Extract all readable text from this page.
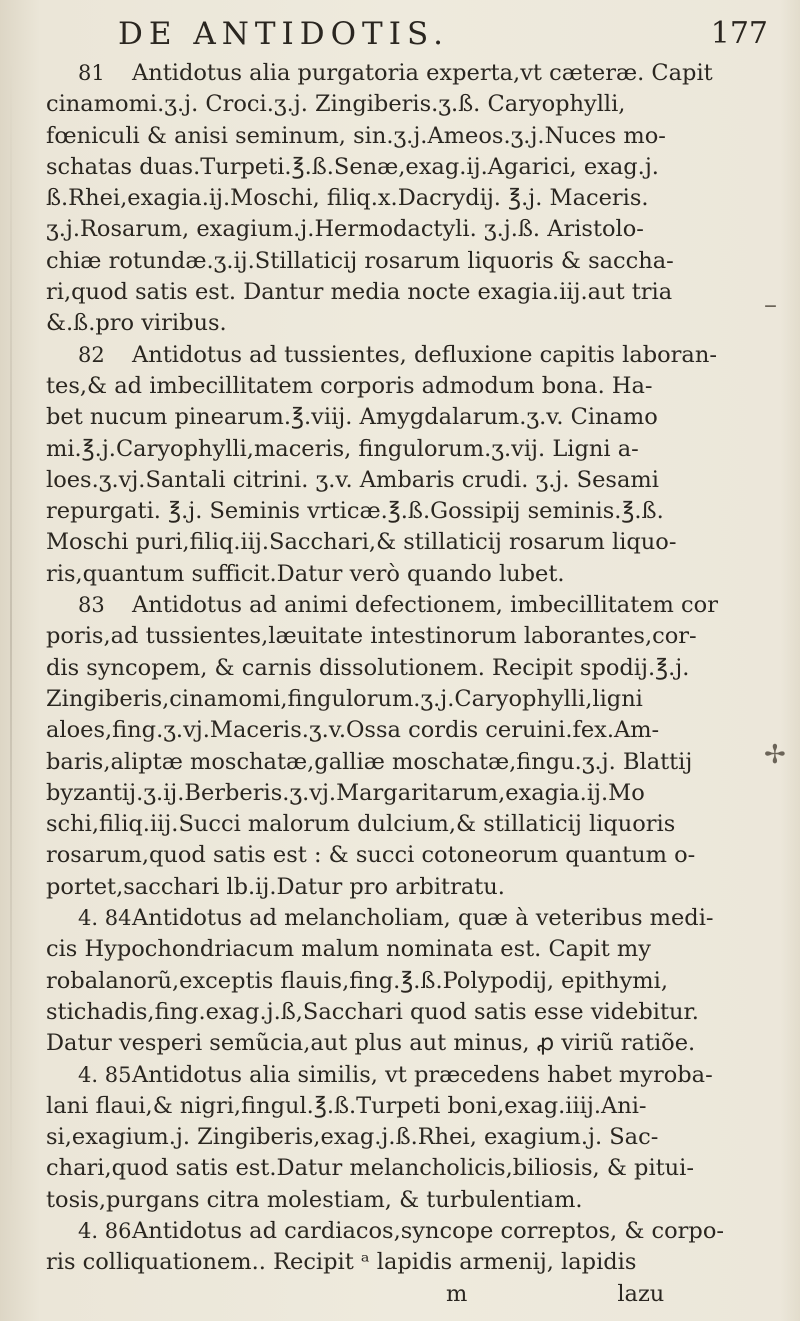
DE ANTIDOTIS.	177
81 Antidotus alia purgatoria experta,vt cæteræ. Capit
cinamomi.ʒ.j. Croci.ʒ.j. Zingiberis.ʒ.ß. Caryophylli,
fœniculi & anisi seminum, sin.ʒ.j.Ameos.ʒ.j.Nuces mo-
schatas duas.Turpeti.℥.ß.Senæ,exag.ij.Agarici, exag.j.
ß.Rhei,exagia.ij.Moschi, filiq.x.Dacrydij. ℥.j. Maceris.
ʒ.j.Rosarum, exagium.j.Hermodactyli. ʒ.j.ß. Aristolo-
chiæ rotundæ.ʒ.ij.Stillaticij rosarum liquoris & saccha-
ri,quod satis est. Dantur media nocte exagia.iij.aut tria
&.ß.pro viribus.
82 Antidotus ad tussientes, defluxione capitis laboran-
tes,& ad imbecillitatem corporis admodum bona. Ha-
bet nucum pinearum.℥.viij. Amygdalarum.ʒ.v. Cinamo
mi.℥.j.Caryophylli,maceris, fingulorum.ʒ.vij. Ligni a-
loes.ʒ.vj.Santali citrini. ʒ.v. Ambaris crudi. ʒ.j. Sesami
repurgati. ℥.j. Seminis vrticæ.℥.ß.Gossipij seminis.℥.ß.
Moschi puri,filiq.iij.Sacchari,& stillaticij rosarum liquo-
ris,quantum sufficit.Datur verò quando lubet.
83 Antidotus ad animi defectionem, imbecillitatem cor
poris,ad tussientes,læuitate intestinorum laborantes,cor-
dis syncopem, & carnis dissolutionem. Recipit spodij.℥.j.
Zingiberis,cinamomi,fingulorum.ʒ.j.Caryophylli,ligni
aloes,fing.ʒ.vj.Maceris.ʒ.v.Ossa cordis ceruini.fex.Am-
baris,aliptæ moschatæ,galliæ moschatæ,fingu.ʒ.j. Blattij
byzantij.ʒ.ij.Berberis.ʒ.vj.Margaritarum,exagia.ij.Mo
schi,filiq.iij.Succi malorum dulcium,& stillaticij liquoris
rosarum,quod satis est : & succi cotoneorum quantum o-
portet,sacchari lb.ij.Datur pro arbitratu.
4. 84Antidotus ad melancholiam, quæ à veteribus medi-
cis Hypochondriacum malum nominata est. Capit my
robalanorũ,exceptis flauis,fing.℥.ß.Polypodij, epithymi,
stichadis,fing.exag.j.ß,Sacchari quod satis esse videbitur.
Datur vesperi semũcia,aut plus aut minus, ꝓ viriũ ratiõe.
4. 85Antidotus alia similis, vt præcedens habet myroba-
lani flaui,& nigri,fingul.℥.ß.Turpeti boni,exag.iiij.Ani-
si,exagium.j. Zingiberis,exag.j.ß.Rhei, exagium.j. Sac-
chari,quod satis est.Datur melancholicis,biliosis, & pitui-
tosis,purgans citra molestiam, & turbulentiam.
4. 86Antidotus ad cardiacos,syncope correptos, & corpo-
ris colliquationem.. Recipit ᵃ lapidis armenij, lapidis
m	lazu
–
✢
